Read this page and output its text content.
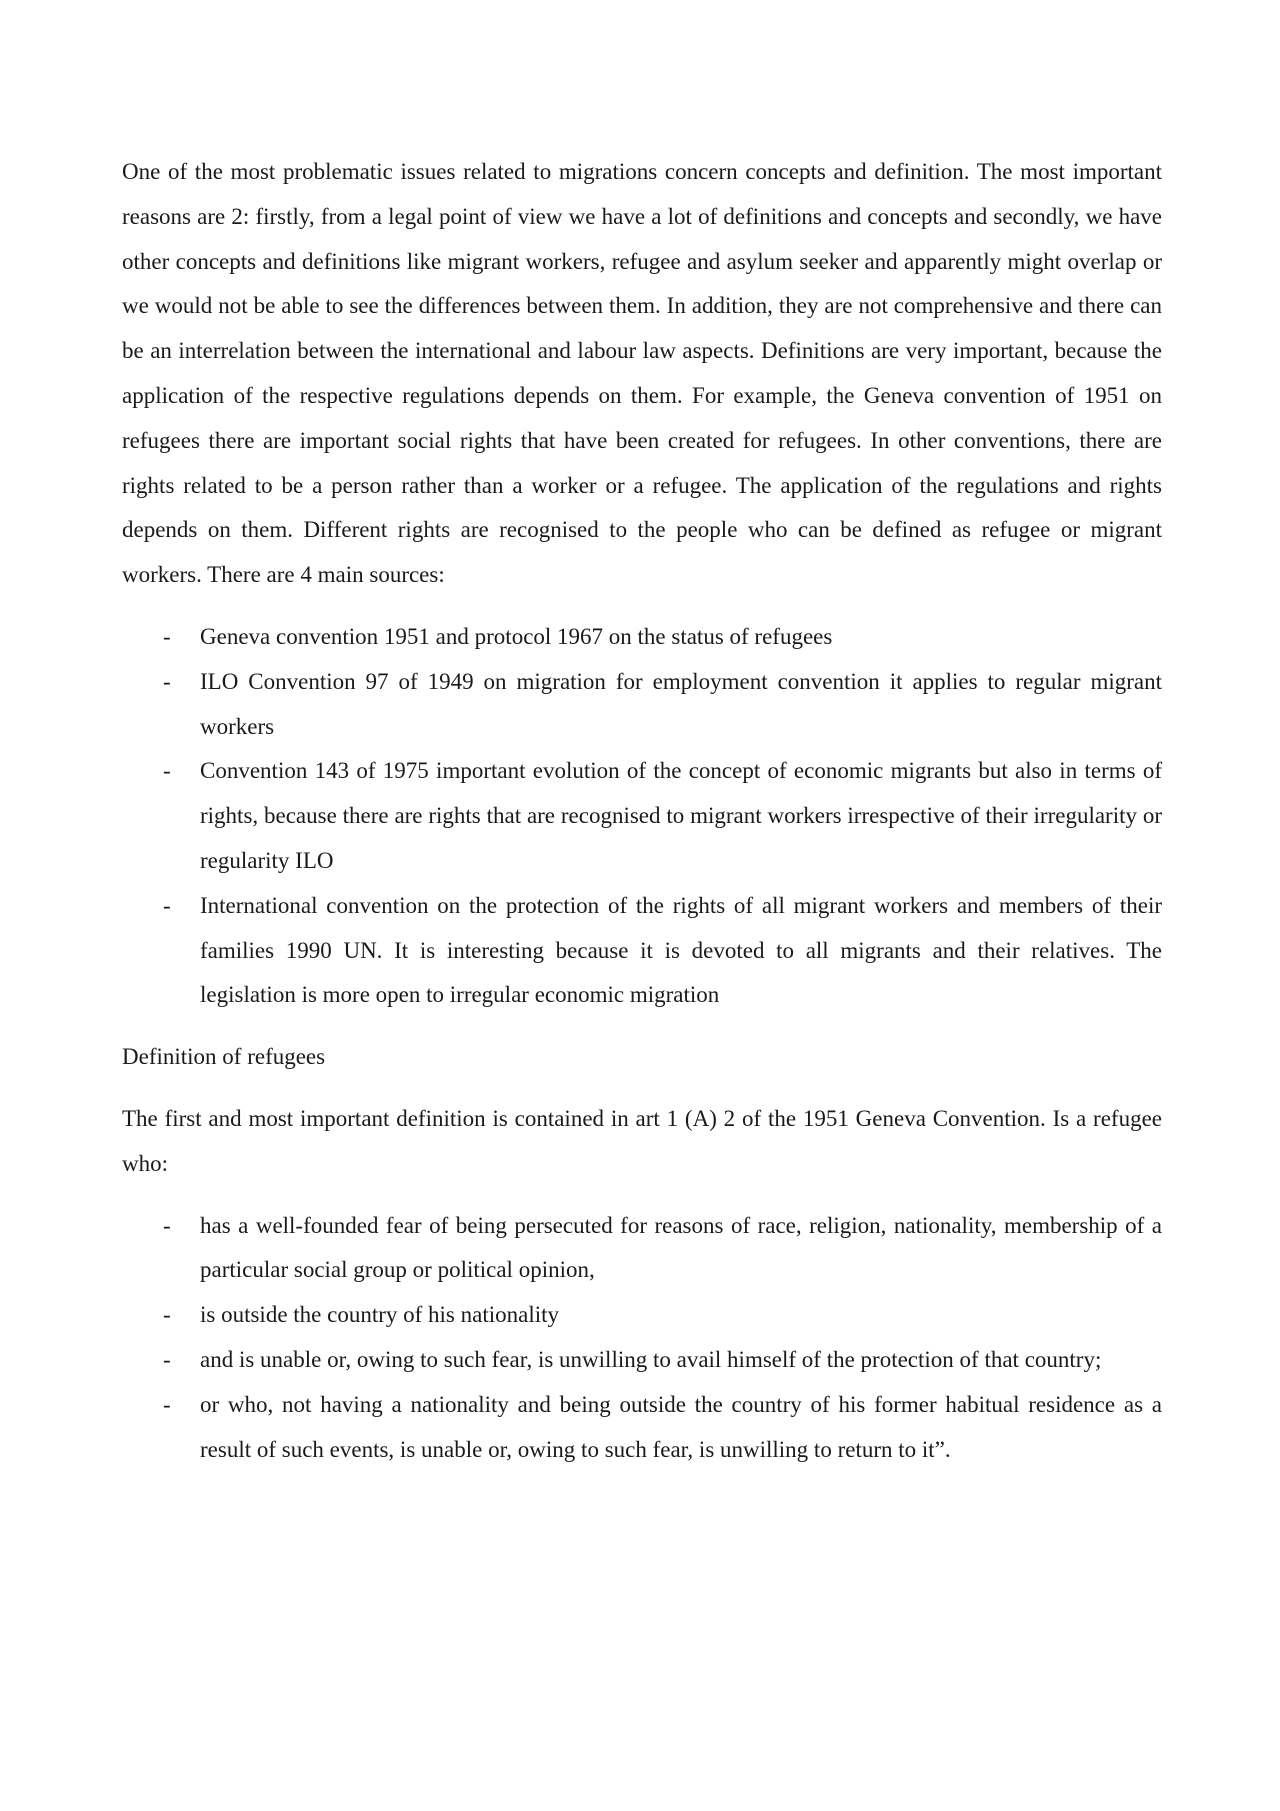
One of the most problematic issues related to migrations concern concepts and definition. The most important reasons are 2: firstly, from a legal point of view we have a lot of definitions and concepts and secondly, we have other concepts and definitions like migrant workers, refugee and asylum seeker and apparently might overlap or we would not be able to see the differences between them. In addition, they are not comprehensive and there can be an interrelation between the international and labour law aspects. Definitions are very important, because the application of the respective regulations depends on them. For example, the Geneva convention of 1951 on refugees there are important social rights that have been created for refugees. In other conventions, there are rights related to be a person rather than a worker or a refugee. The application of the regulations and rights depends on them. Different rights are recognised to the people who can be defined as refugee or migrant workers. There are 4 main sources:

- Geneva convention 1951 and protocol 1967 on the status of refugees
- ILO Convention 97 of 1949 on migration for employment convention it applies to regular migrant workers
- Convention 143 of 1975 important evolution of the concept of economic migrants but also in terms of rights, because there are rights that are recognised to migrant workers irrespective of their irregularity or regularity ILO
- International convention on the protection of the rights of all migrant workers and members of their families 1990 UN. It is interesting because it is devoted to all migrants and their relatives. The legislation is more open to irregular economic migration

Definition of refugees

The first and most important definition is contained in art 1 (A) 2 of the 1951 Geneva Convention. Is a refugee who:

- has a well-founded fear of being persecuted for reasons of race, religion, nationality, membership of a particular social group or political opinion,
- is outside the country of his nationality
- and is unable or, owing to such fear, is unwilling to avail himself of the protection of that country;
- or who, not having a nationality and being outside the country of his former habitual residence as a result of such events, is unable or, owing to such fear, is unwilling to return to it”.
